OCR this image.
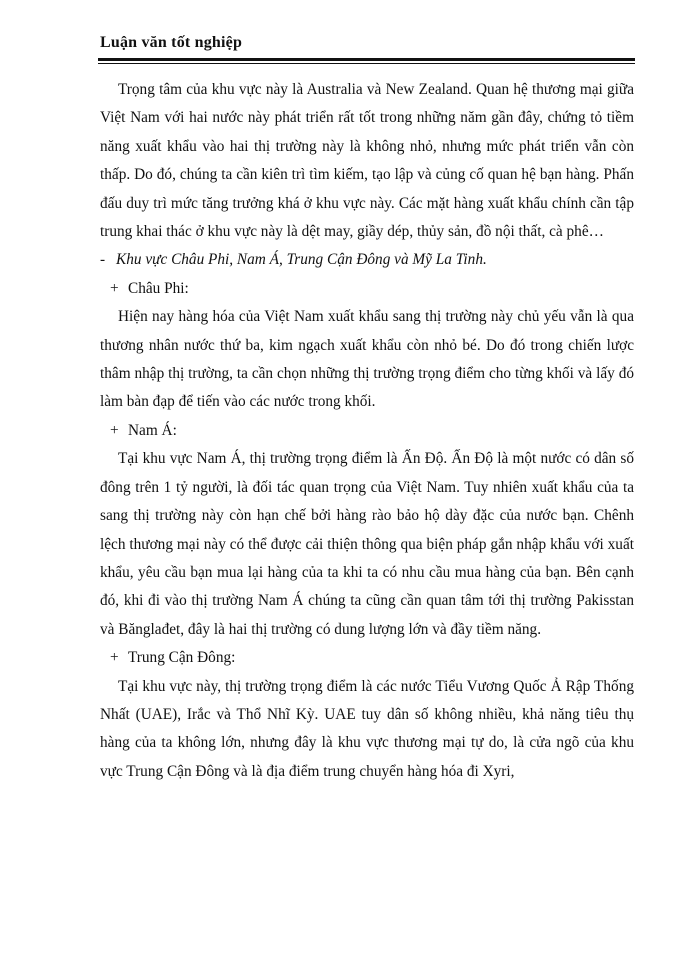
Luận văn tốt nghiệp

Trọng tâm của khu vực này là Australia và New Zealand. Quan hệ thương mại giữa Việt Nam với hai nước này phát triển rất tốt trong những năm gần đây, chứng tỏ tiềm năng xuất khẩu vào hai thị trường này là không nhỏ, nhưng mức phát triển vẫn còn thấp. Do đó, chúng ta cần kiên trì tìm kiếm, tạo lập và củng cố quan hệ bạn hàng. Phấn đấu duy trì mức tăng trưởng khá ở khu vực này. Các mặt hàng xuất khẩu chính cần tập trung khai thác ở khu vực này là dệt may, giầy dép, thủy sản, đồ nội thất, cà phê…

- Khu vực Châu Phi, Nam Á, Trung Cận Đông và Mỹ La Tinh.

+ Châu Phi:

Hiện nay hàng hóa của Việt Nam xuất khẩu sang thị trường này chủ yếu vẫn là qua thương nhân nước thứ ba, kim ngạch xuất khẩu còn nhỏ bé. Do đó trong chiến lược thâm nhập thị trường, ta cần chọn những thị trường trọng điểm cho từng khối và lấy đó làm bàn đạp để tiến vào các nước trong khối.

+ Nam Á:

Tại khu vực Nam Á, thị trường trọng điểm là Ấn Độ. Ấn Độ là một nước có dân số đông trên 1 tỷ người, là đối tác quan trọng của Việt Nam. Tuy nhiên xuất khẩu của ta sang thị trường này còn hạn chế bởi hàng rào bảo hộ dày đặc của nước bạn. Chênh lệch thương mại này có thể được cải thiện thông qua biện pháp gắn nhập khẩu với xuất khẩu, yêu cầu bạn mua lại hàng của ta khi ta có nhu cầu mua hàng của bạn. Bên cạnh đó, khi đi vào thị trường Nam Á chúng ta cũng cần quan tâm tới thị trường Pakisstan và Bănglađet, đây là hai thị trường có dung lượng lớn và đầy tiềm năng.

+ Trung Cận Đông:

Tại khu vực này, thị trường trọng điểm là các nước Tiểu Vương Quốc Ả Rập Thống Nhất (UAE), Irắc và Thổ Nhĩ Kỳ. UAE tuy dân số không nhiều, khả năng tiêu thụ hàng của ta không lớn, nhưng đây là khu vực thương mại tự do, là cửa ngõ của khu vực Trung Cận Đông và là địa điểm trung chuyển hàng hóa đi Xyri,
